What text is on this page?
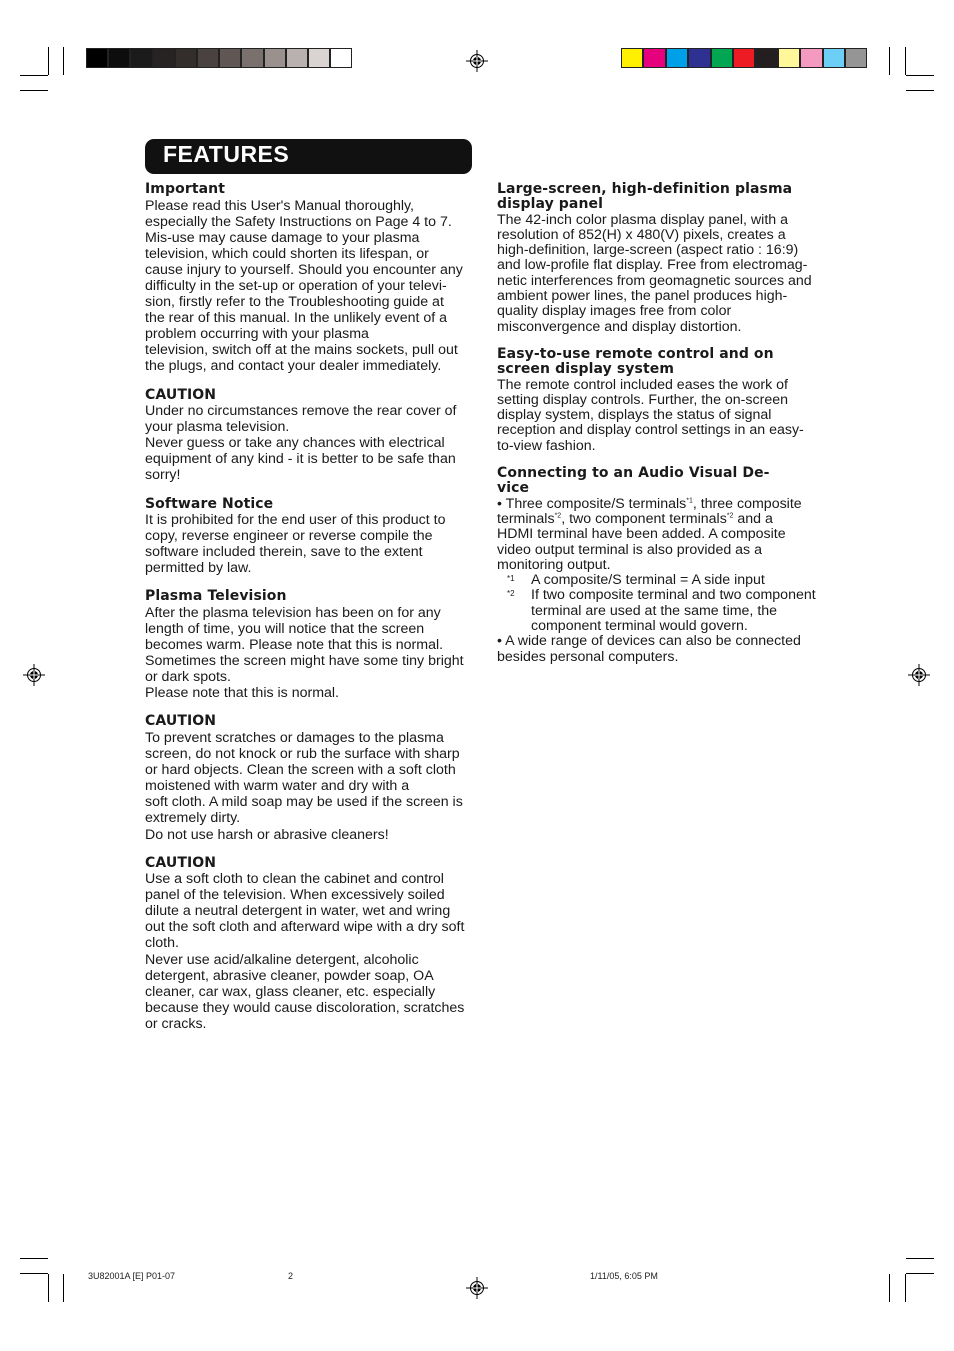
FEATURES
Important
Please read this User's Manual thoroughly,
especially the Safety Instructions on Page 4 to 7.
Mis-use may cause damage to your plasma
television, which could shorten its lifespan, or
cause injury to yourself. Should you encounter any
difficulty in the set-up or operation of your televi-
sion, firstly refer to the Troubleshooting guide at
the rear of this manual. In the unlikely event of a
problem occurring with your plasma
television, switch off at the mains sockets, pull out
the plugs, and contact your dealer immediately.
CAUTION
Under no circumstances remove the rear cover of
your plasma television.
Never guess or take any chances with electrical
equipment of any kind - it is better to be safe than
sorry!
Software Notice
It is prohibited for the end user of this product to
copy, reverse engineer or reverse compile the
software included therein, save to the extent
permitted by law.
Plasma Television
After the plasma television has been on for any
length of time, you will notice that the screen
becomes warm. Please note that this is normal.
Sometimes the screen might have some tiny bright
or dark spots.
Please note that this is normal.
CAUTION
To prevent scratches or damages to the plasma
screen, do not knock or rub the surface with sharp
or hard objects. Clean the screen with a soft cloth
moistened with warm water and dry with a
soft cloth. A mild soap may be used if the screen is
extremely dirty.
Do not use harsh or abrasive cleaners!
CAUTION
Use a soft cloth to clean the cabinet and control
panel of the television. When excessively soiled
dilute a neutral detergent in water, wet and wring
out the soft cloth and afterward wipe with a dry soft
cloth.
Never use acid/alkaline detergent, alcoholic
detergent, abrasive cleaner, powder soap, OA
cleaner, car wax, glass cleaner, etc. especially
because they would cause discoloration, scratches
or cracks.
Large-screen, high-definition plasma
display panel
The 42-inch color plasma display panel, with a
resolution of 852(H) x 480(V) pixels, creates a
high-definition, large-screen (aspect ratio : 16:9)
and low-profile flat display. Free from electromag-
netic interferences from geomagnetic sources and
ambient power lines, the panel produces high-
quality display images free from color
misconvergence and display distortion.
Easy-to-use remote control and on
screen display system
The remote control included eases the work of
setting display controls. Further, the on-screen
display system, displays the status of signal
reception and display control settings in an easy-
to-view fashion.
Connecting to an Audio Visual De-
vice
• Three composite/S terminals$^{*1}$, three composite
terminals$^{*2}$, two component terminals$^{*2}$ and a
HDMI terminal have been added. A composite
video output terminal is also provided as a
monitoring output.
*1	A composite/S terminal = A side input
*2	If two composite terminal and two component
terminal are used at the same time, the
component terminal would govern.
• A wide range of devices can also be connected
besides personal computers.
3U82001A [E] P01-07	2	1/11/05, 6:05 PM
